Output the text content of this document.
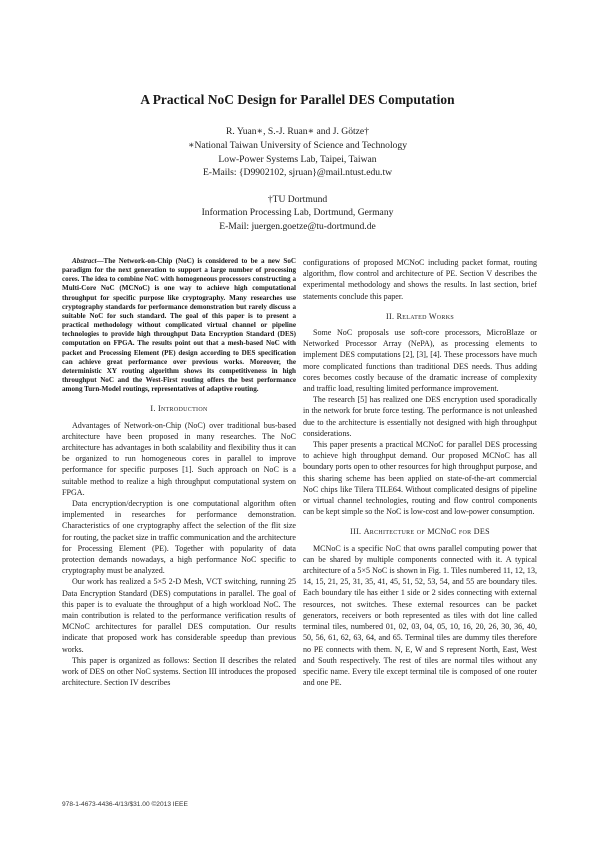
A Practical NoC Design for Parallel DES Computation
R. Yuan∗, S.-J. Ruan∗ and J. Götze†
∗National Taiwan University of Science and Technology
Low-Power Systems Lab, Taipei, Taiwan
E-Mails: {D9902102, sjruan}@mail.ntust.edu.tw
†TU Dortmund
Information Processing Lab, Dortmund, Germany
E-Mail: juergen.goetze@tu-dortmund.de

Abstract—The Network-on-Chip (NoC) is considered to be a new SoC paradigm for the next generation to support a large number of processing cores. The idea to combine NoC with homogeneous processors constructing a Multi-Core NoC (MCNoC) is one way to achieve high computational throughput for specific purpose like cryptography. Many researches use cryptography standards for performance demonstration but rarely discuss a suitable NoC for such standard. The goal of this paper is to present a practical methodology without complicated virtual channel or pipeline technologies to provide high throughput Data Encryption Standard (DES) computation on FPGA. The results point out that a mesh-based NoC with packet and Processing Element (PE) design according to DES specification can achieve great performance over previous works. Moreover, the deterministic XY routing algorithm shows its competitiveness in high throughput NoC and the West-First routing offers the best performance among Turn-Model routings, representatives of adaptive routing.

I. Introduction

Advantages of Network-on-Chip (NoC) over traditional bus-based architecture have been proposed in many researches. The NoC architecture has advantages in both scalability and flexibility thus it can be organized to run homogeneous cores in parallel to improve performance for specific purposes [1]. Such approach on NoC is a suitable method to realize a high throughput computational system on FPGA.

Data encryption/decryption is one computational algorithm often implemented in researches for performance demonstration. Characteristics of one cryptography affect the selection of the flit size for routing, the packet size in traffic communication and the architecture for Processing Element (PE). Together with popularity of data protection demands nowadays, a high performance NoC specific to cryptography must be analyzed.

Our work has realized a 5×5 2-D Mesh, VCT switching, running 25 Data Encryption Standard (DES) computations in parallel. The goal of this paper is to evaluate the throughput of a high workload NoC. The main contribution is related to the performance verification results of MCNoC architectures for parallel DES computation. Our results indicate that proposed work has considerable speedup than previous works.

This paper is organized as follows: Section II describes the related work of DES on other NoC systems. Section III introduces the proposed architecture. Section IV describes

configurations of proposed MCNoC including packet format, routing algorithm, flow control and architecture of PE. Section V describes the experimental methodology and shows the results. In last section, brief statements conclude this paper.

II. Related Works

Some NoC proposals use soft-core processors, MicroBlaze or Networked Processor Array (NePA), as processing elements to implement DES computations [2], [3], [4]. These processors have much more complicated functions than traditional DES needs. Thus adding cores becomes costly because of the dramatic increase of complexity and traffic load, resulting limited performance improvement.

The research [5] has realized one DES encryption used sporadically in the network for brute force testing. The performance is not unleashed due to the architecture is essentially not designed with high throughput considerations.

This paper presents a practical MCNoC for parallel DES processing to achieve high throughput demand. Our proposed MCNoC has all boundary ports open to other resources for high throughput purpose, and this sharing scheme has been applied on state-of-the-art commercial NoC chips like Tilera TILE64. Without complicated designs of pipeline or virtual channel technologies, routing and flow control components can be kept simple so the NoC is low-cost and low-power consumption.

III. Architecture of MCNoC for DES

MCNoC is a specific NoC that owns parallel computing power that can be shared by multiple components connected with it. A typical architecture of a 5×5 NoC is shown in Fig. 1. Tiles numbered 11, 12, 13, 14, 15, 21, 25, 31, 35, 41, 45, 51, 52, 53, 54, and 55 are boundary tiles. Each boundary tile has either 1 side or 2 sides connecting with external resources, not switches. These external resources can be packet generators, receivers or both represented as tiles with dot line called terminal tiles, numbered 01, 02, 03, 04, 05, 10, 16, 20, 26, 30, 36, 40, 50, 56, 61, 62, 63, 64, and 65. Terminal tiles are dummy tiles therefore no PE connects with them. N, E, W and S represent North, East, West and South respectively. The rest of tiles are normal tiles without any specific name. Every tile except terminal tile is composed of one router and one PE.

978-1-4673-4436-4/13/$31.00 ©2013 IEEE
